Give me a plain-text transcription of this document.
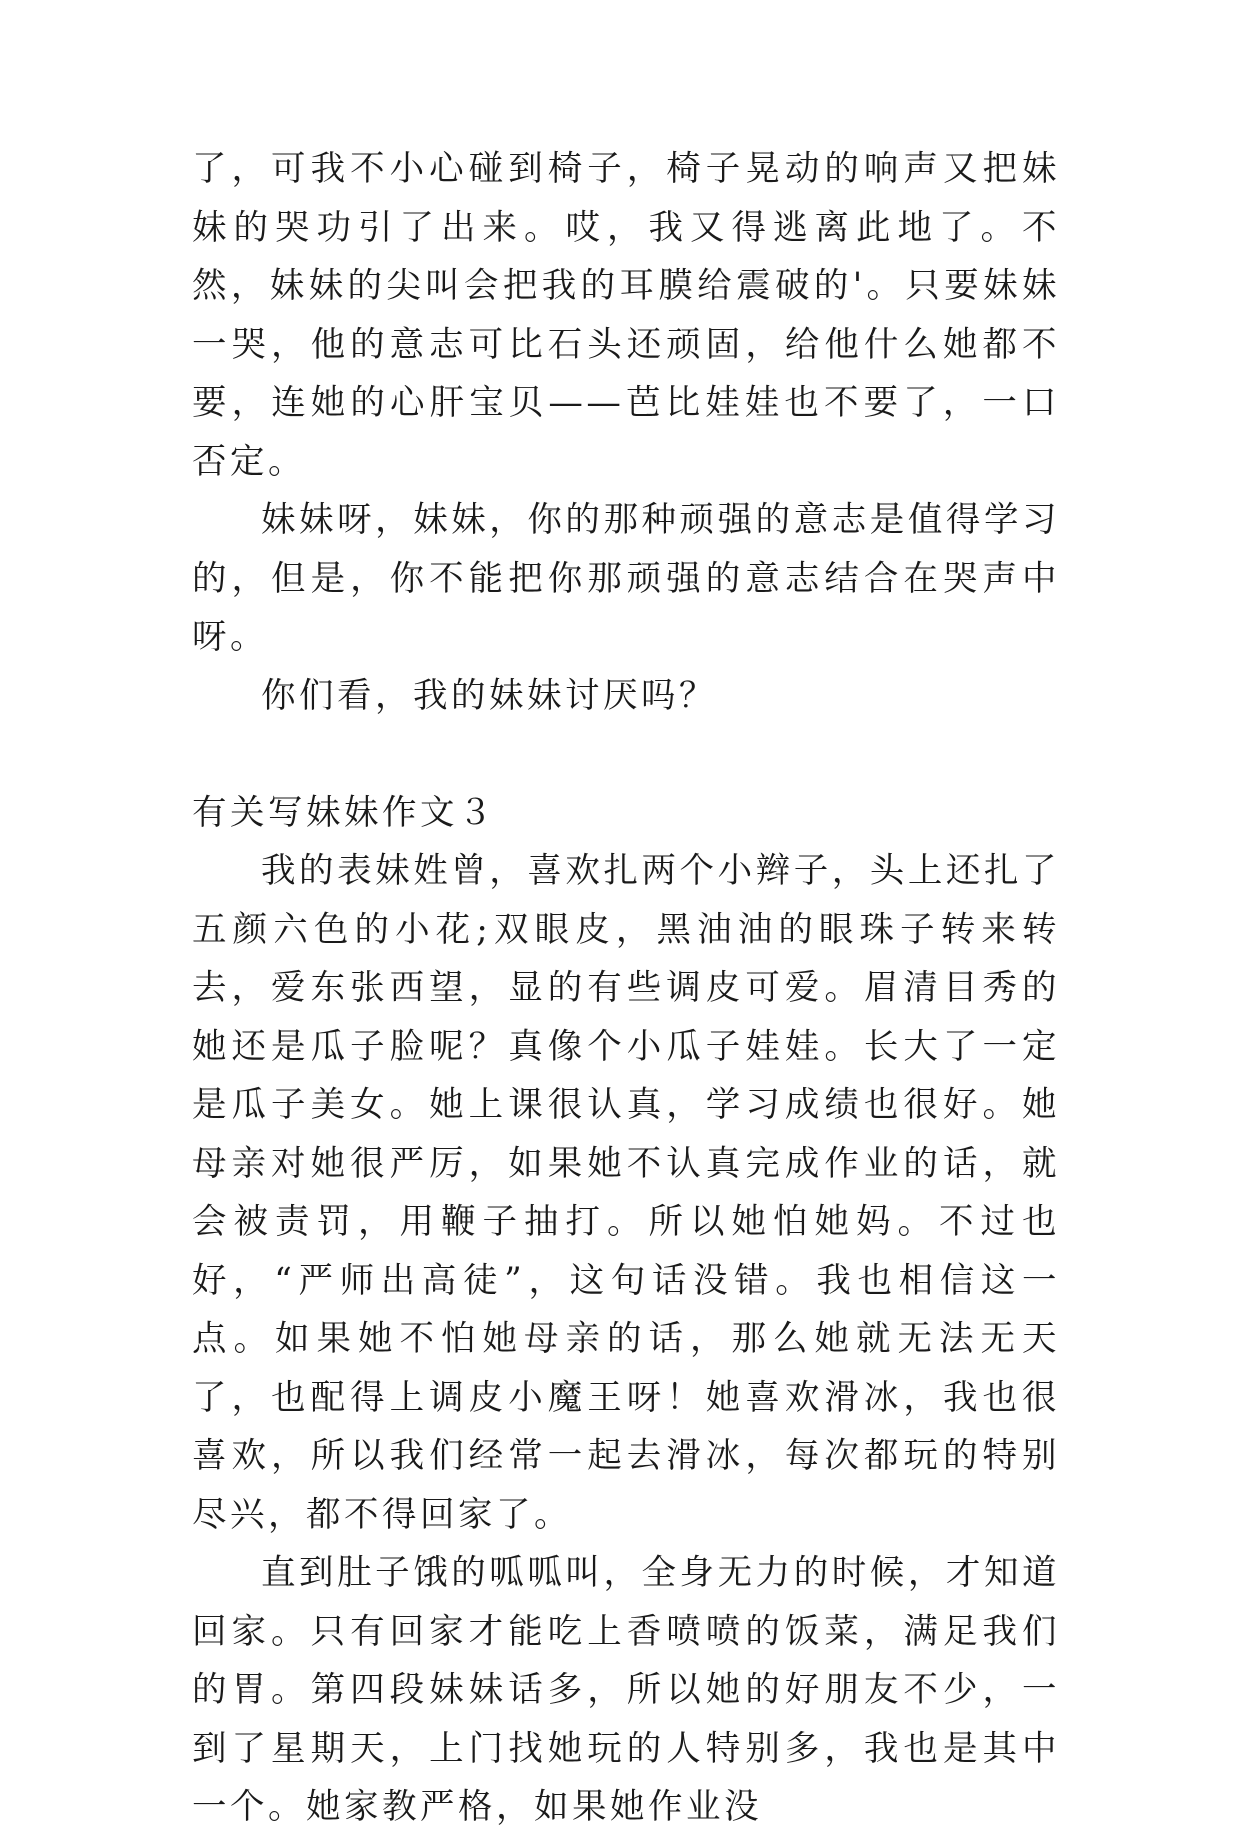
了，可我不小心碰到椅子，椅子晃动的响声又把妹妹的哭功引了出来。哎，我又得逃离此地了。不然，妹妹的尖叫会把我的耳膜给震破的'。只要妹妹一哭，他的意志可比石头还顽固，给他什么她都不要，连她的心肝宝贝——芭比娃娃也不要了，一口否定。

妹妹呀，妹妹，你的那种顽强的意志是值得学习的，但是，你不能把你那顽强的意志结合在哭声中呀。

你们看，我的妹妹讨厌吗？

有关写妹妹作文３

我的表妹姓曾，喜欢扎两个小辫子，头上还扎了五颜六色的小花;双眼皮，黑油油的眼珠子转来转去，爱东张西望，显的有些调皮可爱。眉清目秀的她还是瓜子脸呢？真像个小瓜子娃娃。长大了一定是瓜子美女。她上课很认真，学习成绩也很好。她母亲对她很严厉，如果她不认真完成作业的话，就会被责罚，用鞭子抽打。所以她怕她妈。不过也好，“严师出高徒”，这句话没错。我也相信这一点。如果她不怕她母亲的话，那么她就无法无天了，也配得上调皮小魔王呀！她喜欢滑冰，我也很喜欢，所以我们经常一起去滑冰，每次都玩的特别尽兴，都不得回家了。

直到肚子饿的呱呱叫，全身无力的时候，才知道回家。只有回家才能吃上香喷喷的饭菜，满足我们的胃。第四段妹妹话多，所以她的好朋友不少，一到了星期天，上门找她玩的人特别多，我也是其中一个。她家教严格，如果她作业没
